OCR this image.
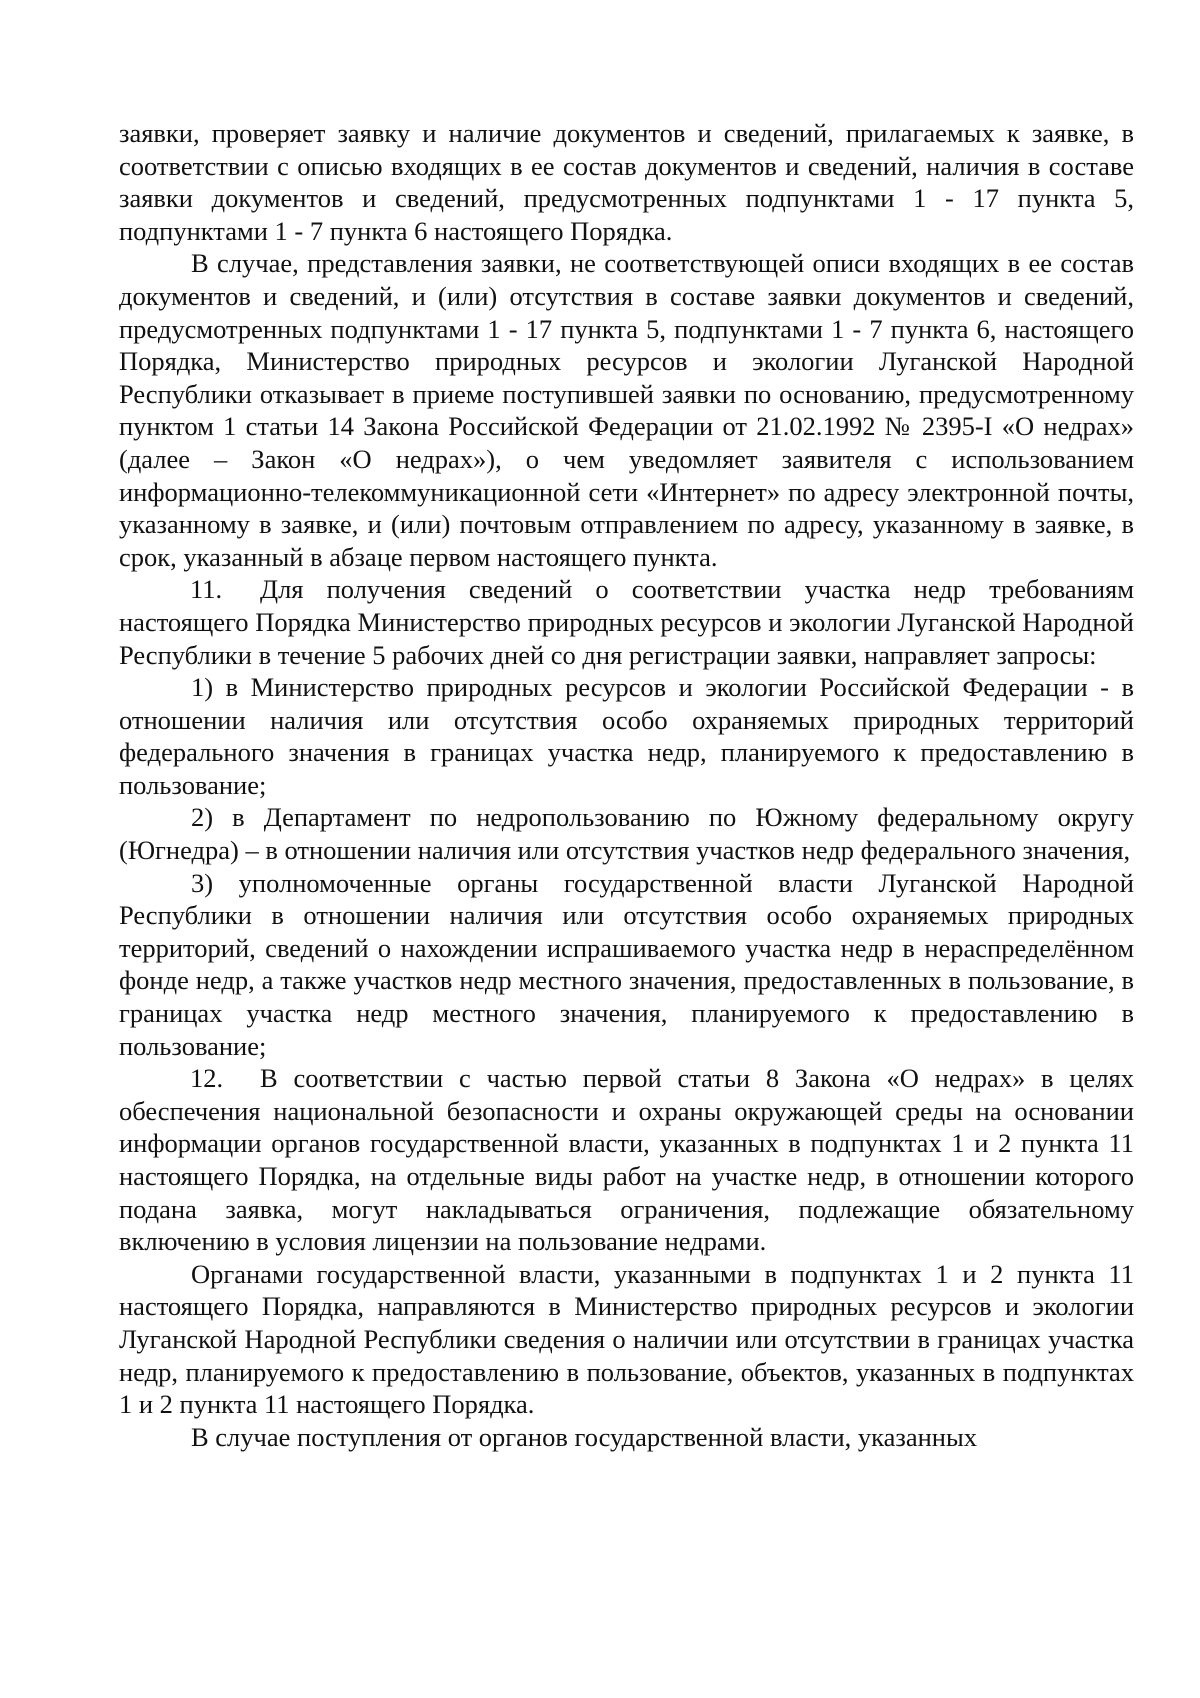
заявки, проверяет заявку и наличие документов и сведений, прилагаемых к заявке, в соответствии с описью входящих в ее состав документов и сведений, наличия в составе заявки документов и сведений, предусмотренных подпунктами 1 - 17 пункта 5, подпунктами 1 - 7 пункта 6 настоящего Порядка.

В случае, представления заявки, не соответствующей описи входящих в ее состав документов и сведений, и (или) отсутствия в составе заявки документов и сведений, предусмотренных подпунктами 1 - 17 пункта 5, подпунктами 1 - 7 пункта 6, настоящего Порядка, Министерство природных ресурсов и экологии Луганской Народной Республики отказывает в приеме поступившей заявки по основанию, предусмотренному пунктом 1 статьи 14 Закона Российской Федерации от 21.02.1992 № 2395-I «О недрах» (далее – Закон «О недрах»), о чем уведомляет заявителя с использованием информационно-телекоммуникационной сети «Интернет» по адресу электронной почты, указанному в заявке, и (или) почтовым отправлением по адресу, указанному в заявке, в срок, указанный в абзаце первом настоящего пункта.

11. Для получения сведений о соответствии участка недр требованиям настоящего Порядка Министерство природных ресурсов и экологии Луганской Народной Республики в течение 5 рабочих дней со дня регистрации заявки, направляет запросы:

1) в Министерство природных ресурсов и экологии Российской Федерации - в отношении наличия или отсутствия особо охраняемых природных территорий федерального значения в границах участка недр, планируемого к предоставлению в пользование;

2) в Департамент по недропользованию по Южному федеральному округу (Югнедра) – в отношении наличия или отсутствия участков недр федерального значения,

3) уполномоченные органы государственной власти Луганской Народной Республики в отношении наличия или отсутствия особо охраняемых природных территорий, сведений о нахождении испрашиваемого участка недр в нераспределённом фонде недр, а также участков недр местного значения, предоставленных в пользование, в границах участка недр местного значения, планируемого к предоставлению в пользование;

12. В соответствии с частью первой статьи 8 Закона «О недрах» в целях обеспечения национальной безопасности и охраны окружающей среды на основании информации органов государственной власти, указанных в подпунктах 1 и 2 пункта 11 настоящего Порядка, на отдельные виды работ на участке недр, в отношении которого подана заявка, могут накладываться ограничения, подлежащие обязательному включению в условия лицензии на пользование недрами.

Органами государственной власти, указанными в подпунктах 1 и 2 пункта 11 настоящего Порядка, направляются в Министерство природных ресурсов и экологии Луганской Народной Республики сведения о наличии или отсутствии в границах участка недр, планируемого к предоставлению в пользование, объектов, указанных в подпунктах 1 и 2 пункта 11 настоящего Порядка.

В случае поступления от органов государственной власти, указанных
